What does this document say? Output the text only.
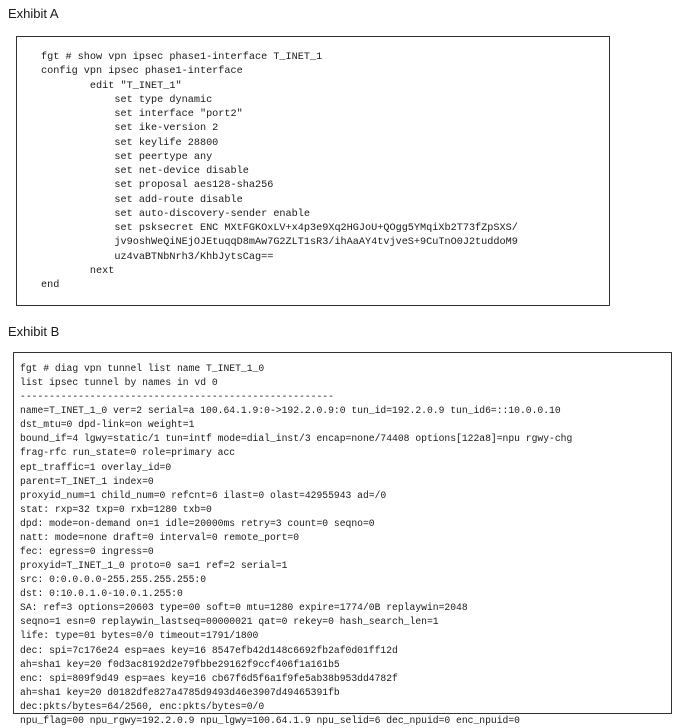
Exhibit A
fgt # show vpn ipsec phase1-interface T_INET_1
config vpn ipsec phase1-interface
edit "T_INET_1"
set type dynamic
set interface "port2"
set ike-version 2
set keylife 28800
set peertype any
set net-device disable
set proposal aes128-sha256
set add-route disable
set auto-discovery-sender enable
set psksecret ENC MXtFGKOxLV+x4p3e9Xq2HGJoU+QOgg5YMqiXb2T73fZpSXS/
jv9oshWeQiNEjOJEtuqqD8mAw7G2ZLT1sR3/ihAaAY4tvjveS+9CuTnO0J2tuddoM9
uz4vaBTNbNrh3/KhbJytsCag==
next
end
Exhibit B
fgt # diag vpn tunnel list name T_INET_1_0
list ipsec tunnel by names in vd 0
------------------------------------------------------
name=T_INET_1_0 ver=2 serial=a 100.64.1.9:0->192.2.0.9:0 tun_id=192.2.0.9 tun_id6=::10.0.0.10
dst_mtu=0 dpd-link=on weight=1
bound_if=4 lgwy=static/1 tun=intf mode=dial_inst/3 encap=none/74408 options[122a8]=npu rgwy-chg
frag-rfc run_state=0 role=primary acc
ept_traffic=1 overlay_id=0
parent=T_INET_1 index=0
proxyid_num=1 child_num=0 refcnt=6 ilast=0 olast=42955943 ad=/0
stat: rxp=32 txp=0 rxb=1280 txb=0
dpd: mode=on-demand on=1 idle=20000ms retry=3 count=0 seqno=0
natt: mode=none draft=0 interval=0 remote_port=0
fec: egress=0 ingress=0
proxyid=T_INET_1_0 proto=0 sa=1 ref=2 serial=1
src: 0:0.0.0.0-255.255.255.255:0
dst: 0:10.0.1.0-10.0.1.255:0
SA: ref=3 options=20603 type=00 soft=0 mtu=1280 expire=1774/0B replaywin=2048
seqno=1 esn=0 replaywin_lastseq=00000021 qat=0 rekey=0 hash_search_len=1
life: type=01 bytes=0/0 timeout=1791/1800
dec: spi=7c176e24 esp=aes key=16 8547efb42d148c6692fb2af0d01ff12d
ah=sha1 key=20 f0d3ac8192d2e79fbbe29162f9ccf406f1a161b5
enc: spi=809f9d49 esp=aes key=16 cb67f6d5f6a1f9fe5ab38b953dd4782f
ah=sha1 key=20 d0182dfe827a4785d9493d46e3907d49465391fb
dec:pkts/bytes=64/2560, enc:pkts/bytes=0/0
npu_flag=00 npu_rgwy=192.2.0.9 npu_lgwy=100.64.1.9 npu_selid=6 dec_npuid=0 enc_npuid=0
